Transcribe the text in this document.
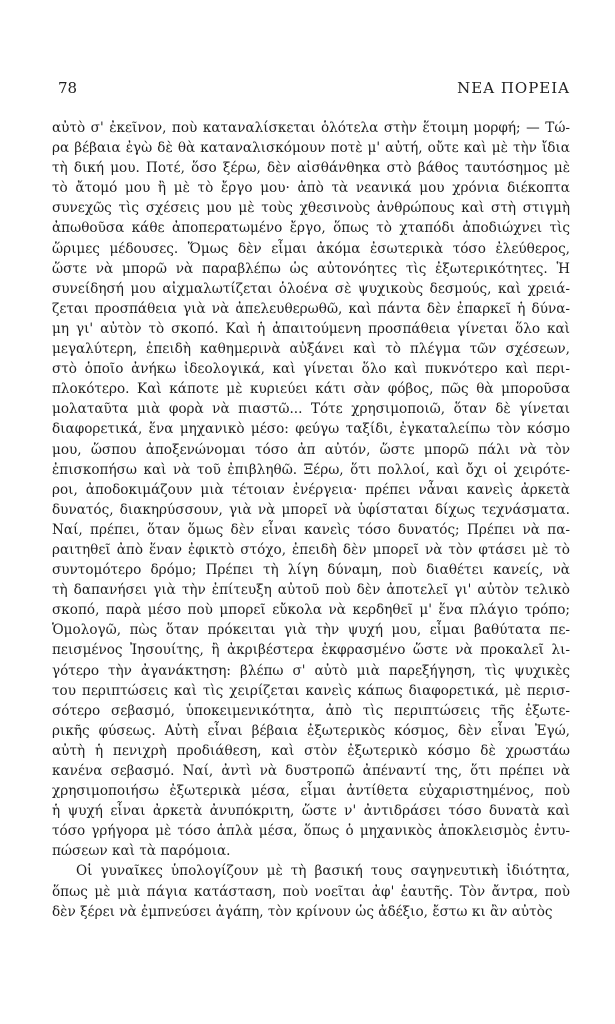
78	ΝΕΑ ΠΟΡΕΙΑ
αὐτὸ σ' ἐκεῖνον, ποὺ καταναλίσκεται ὁλότελα στὴν ἕτοιμη μορφή; — Τώ-
ρα βέβαια ἐγὼ δὲ θὰ καταναλισκόμουν ποτὲ μ' αὐτή, οὔτε καὶ μὲ τὴν ἴδια
τὴ δική μου. Ποτέ, ὅσο ξέρω, δὲν αἰσθάνθηκα στὸ βάθος ταυτόσημος μὲ
τὸ ἄτομό μου ἢ μὲ τὸ ἔργο μου· ἀπὸ τὰ νεανικά μου χρόνια διέκοπτα
συνεχῶς τὶς σχέσεις μου μὲ τοὺς χθεσινοὺς ἀνθρώπους καὶ στὴ στιγμὴ
ἀπωθοῦσα κάθε ἀποπερατωμένο ἔργο, ὅπως τὸ χταπόδι ἀποδιώχνει τὶς
ὥριμες μέδουσες. Ὅμως δὲν εἶμαι ἀκόμα ἐσωτερικὰ τόσο ἐλεύθερος,
ὥστε νὰ μπορῶ νὰ παραβλέπω ὡς αὐτονόητες τὶς ἐξωτερικότητες. Ἡ
συνείδησή μου αἰχμαλωτίζεται ὁλοένα σὲ ψυχικοὺς δεσμούς, καὶ χρειά-
ζεται προσπάθεια γιὰ νὰ ἀπελευθερωθῶ, καὶ πάντα δὲν ἐπαρκεῖ ἡ δύνα-
μη γι' αὐτὸν τὸ σκοπό. Καὶ ἡ ἀπαιτούμενη προσπάθεια γίνεται ὅλο καὶ
μεγαλύτερη, ἐπειδὴ καθημερινὰ αὐξάνει καὶ τὸ πλέγμα τῶν σχέσεων,
στὸ ὁποῖο ἀνήκω ἰδεολογικά, καὶ γίνεται ὅλο καὶ πυκνότερο καὶ περι-
πλοκότερο. Καὶ κάποτε μὲ κυριεύει κάτι σὰν φόβος, πῶς θὰ μποροῦσα
μολαταῦτα μιὰ φορὰ νὰ πιαστῶ... Τότε χρησιμοποιῶ, ὅταν δὲ γίνεται
διαφορετικά, ἕνα μηχανικὸ μέσο: φεύγω ταξίδι, ἐγκαταλείπω τὸν κόσμο
μου, ὥσπου ἀποξενώνομαι τόσο ἀπ αὐτόν, ὥστε μπορῶ πάλι νὰ τὸν
ἐπισκοπήσω καὶ νὰ τοῦ ἐπιβληθῶ. Ξέρω, ὅτι πολλοί, καὶ ὄχι οἱ χειρότε-
ροι, ἀποδοκιμάζουν μιὰ τέτοιαν ἐνέργεια· πρέπει νἆναι κανεὶς ἀρκετὰ
δυνατός, διακηρύσσουν, γιὰ νὰ μπορεῖ νὰ ὑφίσταται δίχως τεχνάσματα.
Ναί, πρέπει, ὅταν ὅμως δὲν εἶναι κανεὶς τόσο δυνατός; Πρέπει νὰ πα-
ραιτηθεῖ ἀπὸ ἕναν ἐφικτὸ στόχο, ἐπειδὴ δὲν μπορεῖ νὰ τὸν φτάσει μὲ τὸ
συντομότερο δρόμο; Πρέπει τὴ λίγη δύναμη, ποὺ διαθέτει κανείς, νὰ
τὴ δαπανήσει γιὰ τὴν ἐπίτευξη αὐτοῦ ποὺ δὲν ἀποτελεῖ γι' αὐτὸν τελικὸ
σκοπό, παρὰ μέσο ποὺ μπορεῖ εὔκολα νὰ κερδηθεῖ μ' ἕνα πλάγιο τρόπο;
Ὁμολογῶ, πὼς ὅταν πρόκειται γιὰ τὴν ψυχή μου, εἶμαι βαθύτατα πε-
πεισμένος Ἰησουίτης, ἢ ἀκριβέστερα ἐκφρασμένο ὥστε νὰ προκαλεῖ λι-
γότερο τὴν ἀγανάκτηση: βλέπω σ' αὐτὸ μιὰ παρεξήγηση, τὶς ψυχικὲς
του περιπτώσεις καὶ τὶς χειρίζεται κανεὶς κάπως διαφορετικά, μὲ περισ-
σότερο σεβασμό, ὑποκειμενικότητα, ἀπὸ τὶς περιπτώσεις τῆς ἐξωτε-
ρικῆς φύσεως. Αὐτὴ εἶναι βέβαια ἐξωτερικὸς κόσμος, δὲν εἶναι Ἐγώ,
αὐτὴ ἡ πενιχρὴ προδιάθεση, καὶ στὸν ἐξωτερικὸ κόσμο δὲ χρωστάω
κανένα σεβασμό. Ναί, ἀντὶ νὰ δυστροπῶ ἀπέναντί της, ὅτι πρέπει νὰ
χρησιμοποιήσω ἐξωτερικὰ μέσα, εἶμαι ἀντίθετα εὐχαριστημένος, ποὺ
ἡ ψυχή εἶναι ἀρκετὰ ἀνυπόκριτη, ὥστε ν' ἀντιδράσει τόσο δυνατὰ καὶ
τόσο γρήγορα μὲ τόσο ἁπλὰ μέσα, ὅπως ὁ μηχανικὸς ἀποκλεισμὸς ἐντυ-
πώσεων καὶ τὰ παρόμοια.
Οἱ γυναῖκες ὑπολογίζουν μὲ τὴ βασική τους σαγηνευτικὴ ἰδιότητα,
ὅπως μὲ μιὰ πάγια κατάσταση, ποὺ νοεῖται ἀφ' ἑαυτῆς. Τὸν ἄντρα, ποὺ
δὲν ξέρει νὰ ἐμπνεύσει ἀγάπη, τὸν κρίνουν ὡς ἀδέξιο, ἔστω κι ἂν αὐτὸς
